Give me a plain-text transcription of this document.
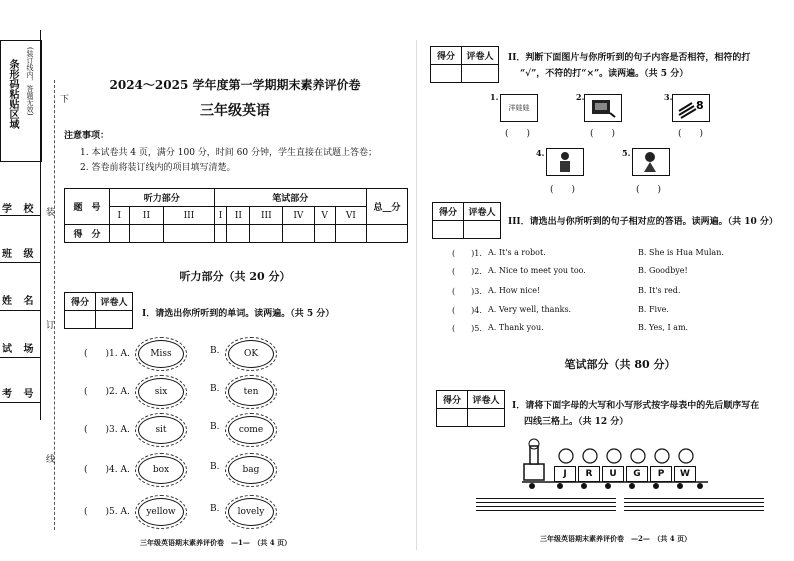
(装订线内，答题无效)
条形码粘贴区域
学 校
班 级
姓 名
试 场
考 号
下
装
订
线
2024～2025 学年度第一学期期末素养评价卷
三年级英语
注意事项：
1. 本试卷共 4 页，满分 100 分，时间 60 分钟，学生直接在试题上答卷；
2. 答卷前将装订线内的项目填写清楚。
题　号	听力部分			笔试部分						总__分
	I	II	III	I	II	III	IV	V	VI	
得　分										
听力部分（共 20 分）
得分	评卷人

I．请选出你所听到的单词。读两遍。（共 5 分）
(　　)1. A. Miss	B.	OK
(　　)2. A.	six	B.	ten
(　　)3. A.	sit	B. come
(　　)4. A.	box	B.	bag
(　　)5. A. yellow	B. lovely
三年级英语期末素养评价卷　—1—　（共 4 页）
得分	评卷人
	II．判断下面图片与你所听到的句子内容是否相符，相符的打
“√”，不符的打“×”。读两遍。（共 5 分）
1.
洋娃娃
(　　)
2.
(　　)
3.
8
(　　)
4.
(　　)
5.
(　　)
得分	评卷人

III．请选出与你所听到的句子相对应的答语。读两遍。（共 10 分）
(　　)1. A. It's a robot.	B. She is Hua Mulan.
(　　)2. A. Nice to meet you too.	B. Goodbye!
(　　)3. A. How nice!	B. It's red.
(　　)4. A. Very well, thanks.	B. Five.
(　　)5. A. Thank you.	B. Yes, I am.
笔试部分（共 80 分）
得分	评卷人
	I．请将下面字母的大写和小写形式按字母表中的先后顺序写在
四线三格上。（共 12 分）
J	R	U	G	P	W
三年级英语期末素养评价卷　—2—　（共 4 页）
